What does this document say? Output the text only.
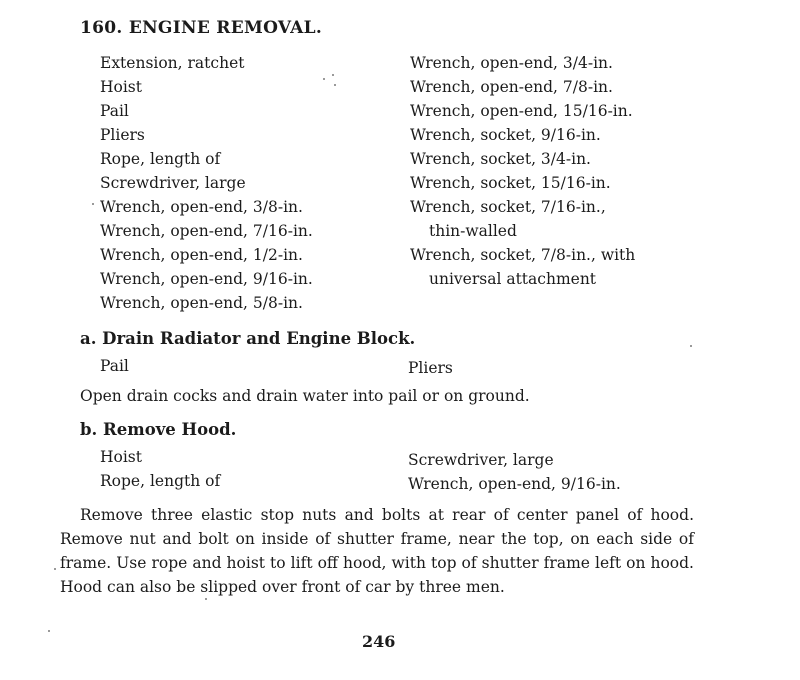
160. ENGINE REMOVAL.
Extension, ratchet
Hoist
Pail
Pliers
Rope, length of
Screwdriver, large
Wrench, open-end, 3/8-in.
Wrench, open-end, 7/16-in.
Wrench, open-end, 1/2-in.
Wrench, open-end, 9/16-in.
Wrench, open-end, 5/8-in.
Wrench, open-end, 3/4-in.
Wrench, open-end, 7/8-in.
Wrench, open-end, 15/16-in.
Wrench, socket, 9/16-in.
Wrench, socket, 3/4-in.
Wrench, socket, 15/16-in.
Wrench, socket, 7/16-in.,
thin-walled
Wrench, socket, 7/8-in., with
universal attachment
a. Drain Radiator and Engine Block.
Pail	Pliers

Open drain cocks and drain water into pail or on ground.

b. Remove Hood.
Hoist
Rope, length of
Screwdriver, large
Wrench, open-end, 9/16-in.

Remove three elastic stop nuts and bolts at rear of center panel of hood. Remove nut and bolt on inside of shutter frame, near the top, on each side of frame. Use rope and hoist to lift off hood, with top of shutter frame left on hood. Hood can also be slipped over front of car by three men.

246
